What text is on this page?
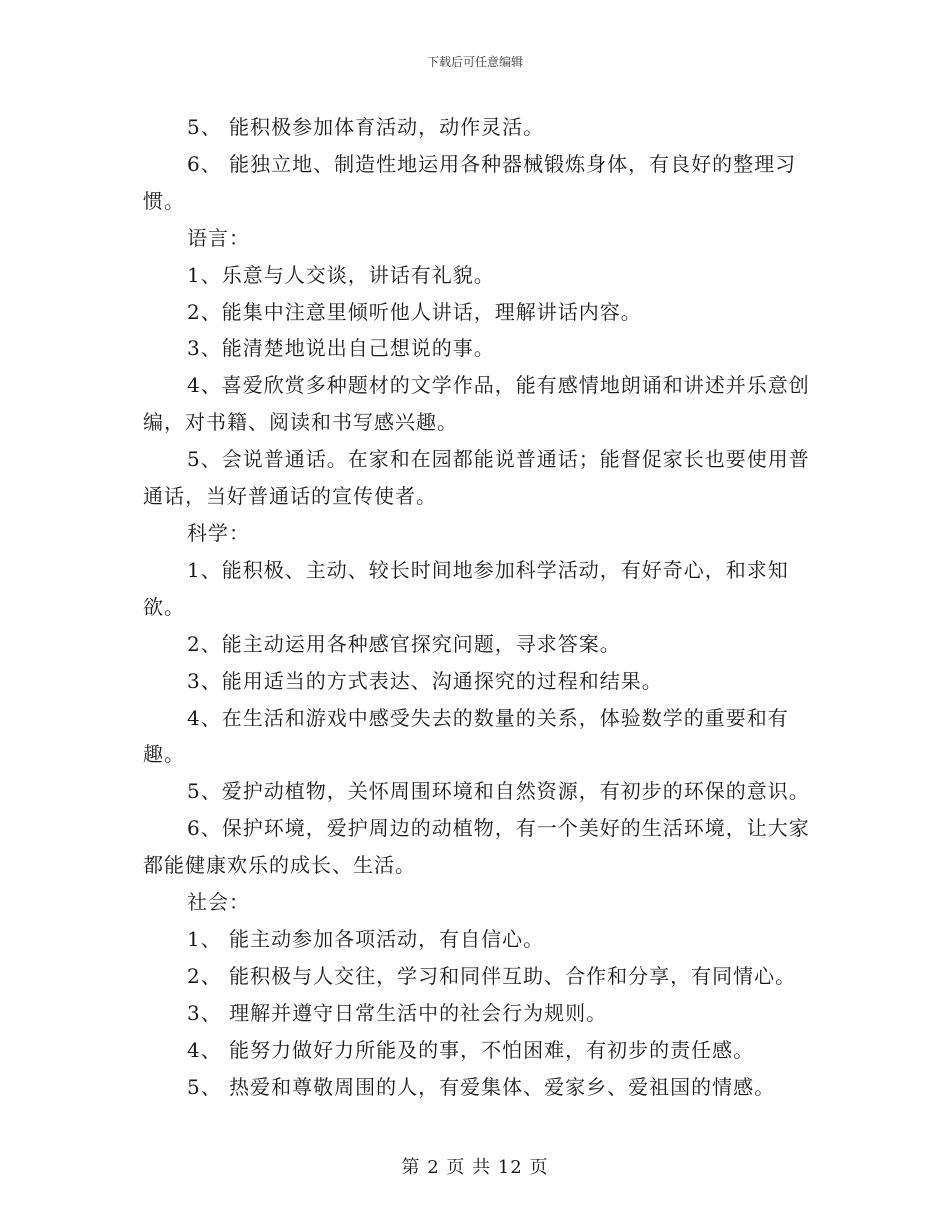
下载后可任意编辑

5、 能积极参加体育活动，动作灵活。

6、 能独立地、制造性地运用各种器械锻炼身体，有良好的整理习惯。

语言：

1、乐意与人交谈，讲话有礼貌。

2、能集中注意里倾听他人讲话，理解讲话内容。

3、能清楚地说出自己想说的事。

4、喜爱欣赏多种题材的文学作品，能有感情地朗诵和讲述并乐意创编，对书籍、阅读和书写感兴趣。

5、会说普通话。在家和在园都能说普通话；能督促家长也要使用普通话，当好普通话的宣传使者。

科学：

1、能积极、主动、较长时间地参加科学活动，有好奇心，和求知欲。

2、能主动运用各种感官探究问题，寻求答案。

3、能用适当的方式表达、沟通探究的过程和结果。

4、在生活和游戏中感受失去的数量的关系，体验数学的重要和有趣。

5、爱护动植物，关怀周围环境和自然资源，有初步的环保的意识。

6、保护环境，爱护周边的动植物，有一个美好的生活环境，让大家都能健康欢乐的成长、生活。

社会：

1、 能主动参加各项活动，有自信心。

2、 能积极与人交往，学习和同伴互助、合作和分享，有同情心。

3、 理解并遵守日常生活中的社会行为规则。

4、 能努力做好力所能及的事，不怕困难，有初步的责任感。

5、 热爱和尊敬周围的人，有爱集体、爱家乡、爱祖国的情感。

第 2 页 共 12 页
